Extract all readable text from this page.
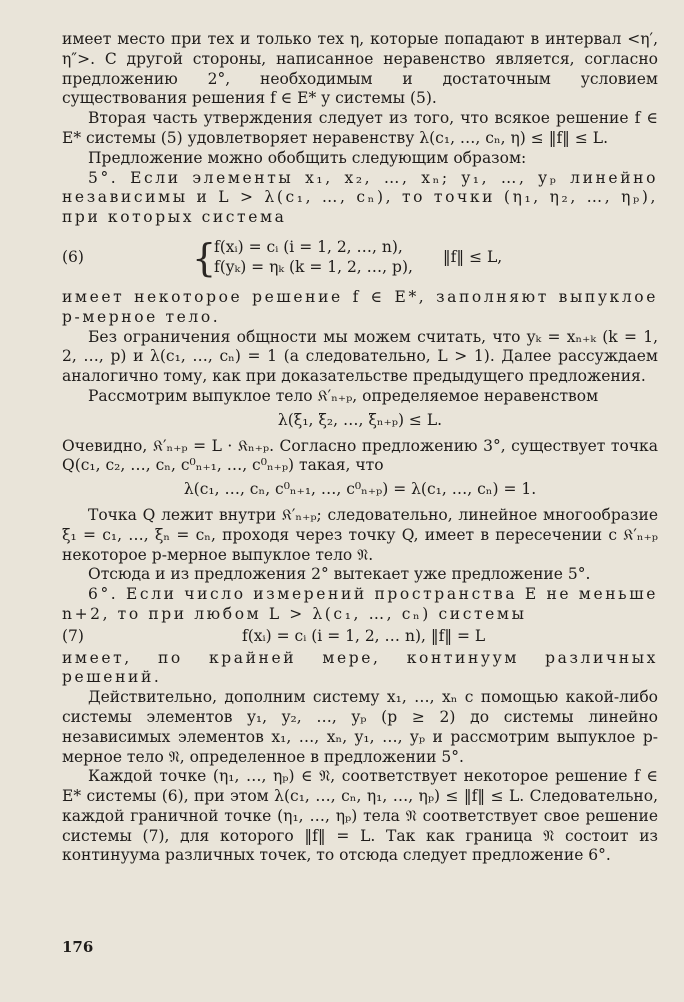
имеет место при тех и только тех η, которые попадают в интервал <η′, η″>. С другой стороны, написанное неравенство является, согласно предложению 2°, необходимым и достаточным условием существования решения f ∈ E* у системы (5).

Вторая часть утверждения следует из того, что всякое решение f ∈ E* системы (5) удовлетворяет неравенству λ(c₁, …, cₙ, η) ≤ ‖f‖ ≤ L.

Предложение можно обобщить следующим образом:

5°. Если элементы x₁, x₂, …, xₙ; y₁, …, yₚ линейно независимы и L > λ(c₁, …, cₙ), то точки (η₁, η₂, …, ηₚ), при которых система

(6)	{
f(xᵢ) = cᵢ (i = 1, 2, …, n),
f(yₖ) = ηₖ (k = 1, 2, …, p),
‖f‖ ≤ L,

имеет некоторое решение f ∈ E*, заполняют выпуклое p-мерное тело.

Без ограничения общности мы можем считать, что yₖ = xₙ₊ₖ (k = 1, 2, …, p) и λ(c₁, …, cₙ) = 1 (а следовательно, L > 1). Далее рассуждаем аналогично тому, как при доказательстве предыдущего предложения.

Рассмотрим выпуклое тело 𝔎′ₙ₊ₚ, определяемое неравенством

λ(ξ₁, ξ₂, …, ξₙ₊ₚ) ≤ L.

Очевидно, 𝔎′ₙ₊ₚ = L · 𝔎ₙ₊ₚ. Согласно предложению 3°, существует точка Q(c₁, c₂, …, cₙ, c⁰ₙ₊₁, …, c⁰ₙ₊ₚ) такая, что

λ(c₁, …, cₙ, c⁰ₙ₊₁, …, c⁰ₙ₊ₚ) = λ(c₁, …, cₙ) = 1.

Точка Q лежит внутри 𝔎′ₙ₊ₚ; следовательно, линейное многообразие ξ₁ = c₁, …, ξₙ = cₙ, проходя через точку Q, имеет в пересечении с 𝔎′ₙ₊ₚ некоторое p-мерное выпуклое тело 𝔑.

Отсюда и из предложения 2° вытекает уже предложение 5°.

6°. Если число измерений пространства E не меньше n+2, то при любом L > λ(c₁, …, cₙ) системы

(7)	f(xᵢ) = cᵢ (i = 1, 2, … n), ‖f‖ = L

имеет, по крайней мере, континуум различных решений.

Действительно, дополним систему x₁, …, xₙ с помощью какой-либо системы элементов y₁, y₂, …, yₚ (p ≥ 2) до системы линейно независимых элементов x₁, …, xₙ, y₁, …, yₚ и рассмотрим выпуклое p-мерное тело 𝔑, определенное в предложении 5°.

Каждой точке (η₁, …, ηₚ) ∈ 𝔑, соответствует некоторое решение f ∈ E* системы (6), при этом λ(c₁, …, cₙ, η₁, …, ηₚ) ≤ ‖f‖ ≤ L. Следовательно, каждой граничной точке (η₁, …, ηₚ) тела 𝔑 соответствует свое решение системы (7), для которого ‖f‖ = L. Так как граница 𝔑 состоит из континуума различных точек, то отсюда следует предложение 6°.

176
